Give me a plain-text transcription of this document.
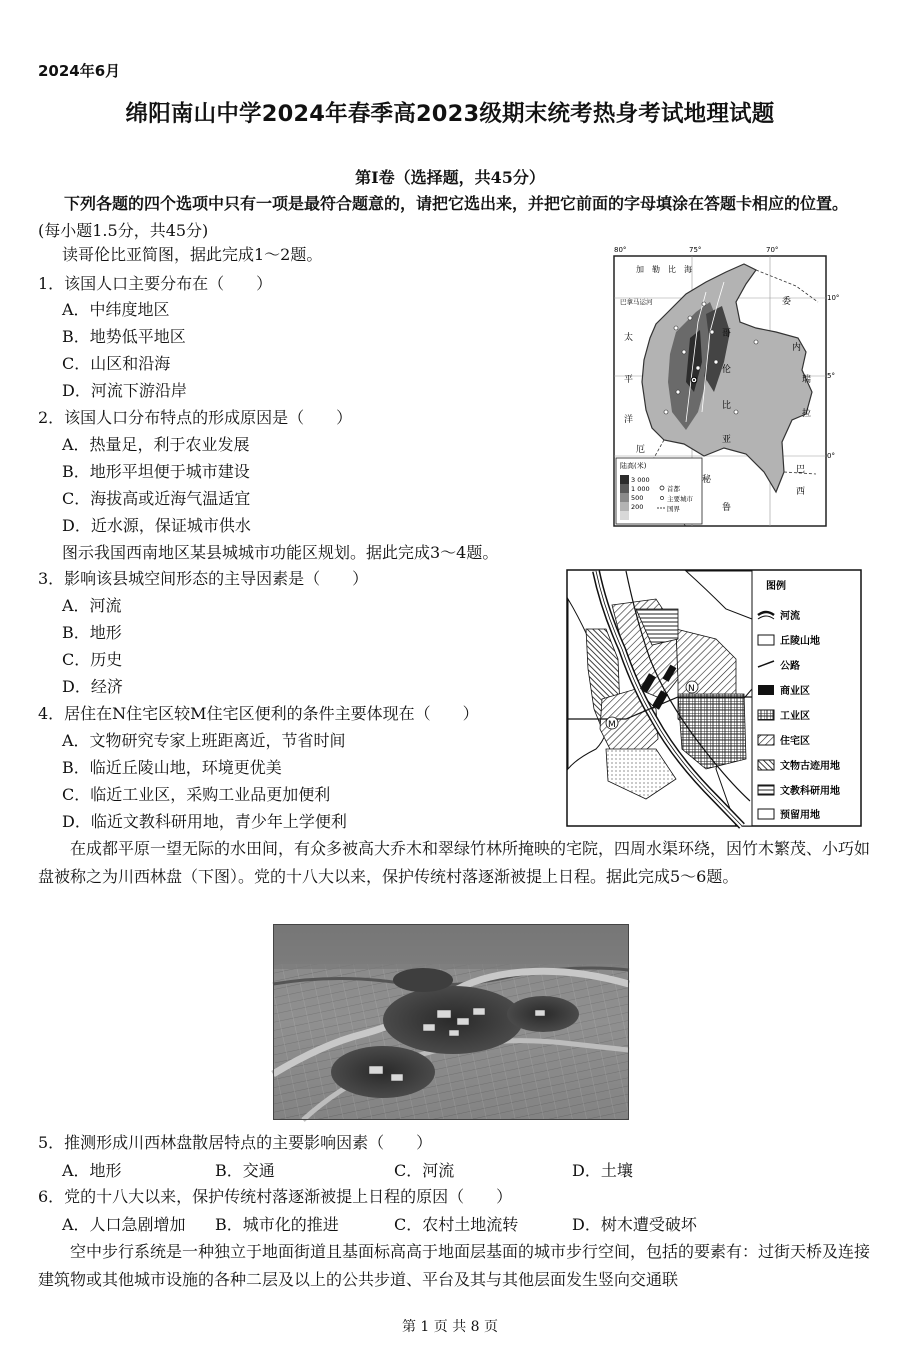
2024年6月
绵阳南山中学2024年春季高2023级期末统考热身考试地理试题
第Ⅰ卷（选择题，共45分）
下列各题的四个选项中只有一项是最符合题意的，请把它选出来，并把它前面的字母填涂在答题卡相应的位置。(每小题1.5分，共45分)
读哥伦比亚简图，据此完成1～2题。
1．该国人口主要分布在（　　）
A．中纬度地区
B．地势低平地区
C．山区和沿海
D．河流下游沿岸
2．该国人口分布特点的形成原因是（　　）
A．热量足，利于农业发展
B．地形平坦便于城市建设
C．海拔高或近海气温适宜
D．近水源，保证城市供水
80°	75°	70°
10°
5°
0°
加　勒　比　海
巴拿马运河
太
平
洋
委
内
瑞
拉
哥
伦
比
亚
巴
西
秘
鲁
厄
陆高(米)
3 000
1 000
500
200
首都
主要城市
国界
图示我国西南地区某县城城市功能区规划。据此完成3～4题。
3．影响该县城空间形态的主导因素是（　　）
A．河流
B．地形
C．历史
D．经济
4．居住在N住宅区较M住宅区便利的条件主要体现在（　　）
A．文物研究专家上班距离近，节省时间
B．临近丘陵山地，环境更优美
C．临近工业区，采购工业品更加便利
D．临近文教科研用地，青少年上学便利
M
N
图例
河流
丘陵山地
公路
商业区
工业区
住宅区
文物古迹用地
文教科研用地
预留用地
在成都平原一望无际的水田间，有众多被高大乔木和翠绿竹林所掩映的宅院，四周水渠环绕，因竹木繁茂、小巧如盘被称之为川西林盘（下图）。党的十八大以来，保护传统村落逐渐被提上日程。据此完成5～6题。
5．推测形成川西林盘散居特点的主要影响因素（　　）
A．地形	B．交通	C．河流	D．土壤
6．党的十八大以来，保护传统村落逐渐被提上日程的原因（　　）
A．人口急剧增加	B．城市化的推进	C．农村土地流转	D．树木遭受破坏
空中步行系统是一种独立于地面街道且基面标高高于地面层基面的城市步行空间，包括的要素有：过街天桥及连接建筑物或其他城市设施的各种二层及以上的公共步道、平台及其与其他层面发生竖向交通联
第 1 页 共 8 页
